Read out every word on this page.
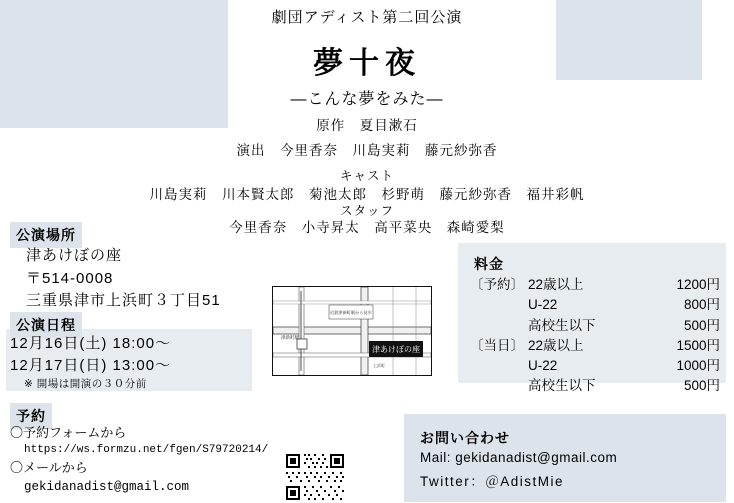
劇団アディスト第二回公演
夢十夜
—こんな夢をみた—
原作　夏目漱石
演出　今里香奈　川島実莉　藤元紗弥香
キャスト
川島実莉　川本賢太郎　菊池太郎　杉野萌　藤元紗弥香　福井彩帆
スタッフ
今里香奈　小寺昇太　高平菜央　森崎愛梨
公演場所
津あけぼの座
〒514-0008
三重県津市上浜町３丁目51
公演日程
12月16日(土) 18:00〜
12月17日(日) 13:00〜
※ 開場は開演の３０分前
予約
〇予約フォームから
https://ws.formzu.net/fgen/S79720214/
〇メールから
gekidanadist@gmail.com
津あけぼの座
近鉄津新町駅から徒歩
津新町駅
上浜町
料金
〔予約〕 22歳以上	1200円
U-22	800円
高校生以下	500円
〔当日〕 22歳以上	1500円
U-22	1000円
高校生以下	500円
お問い合わせ
Mail: gekidanadist@gmail.com
Twitter：＠AdistMie
